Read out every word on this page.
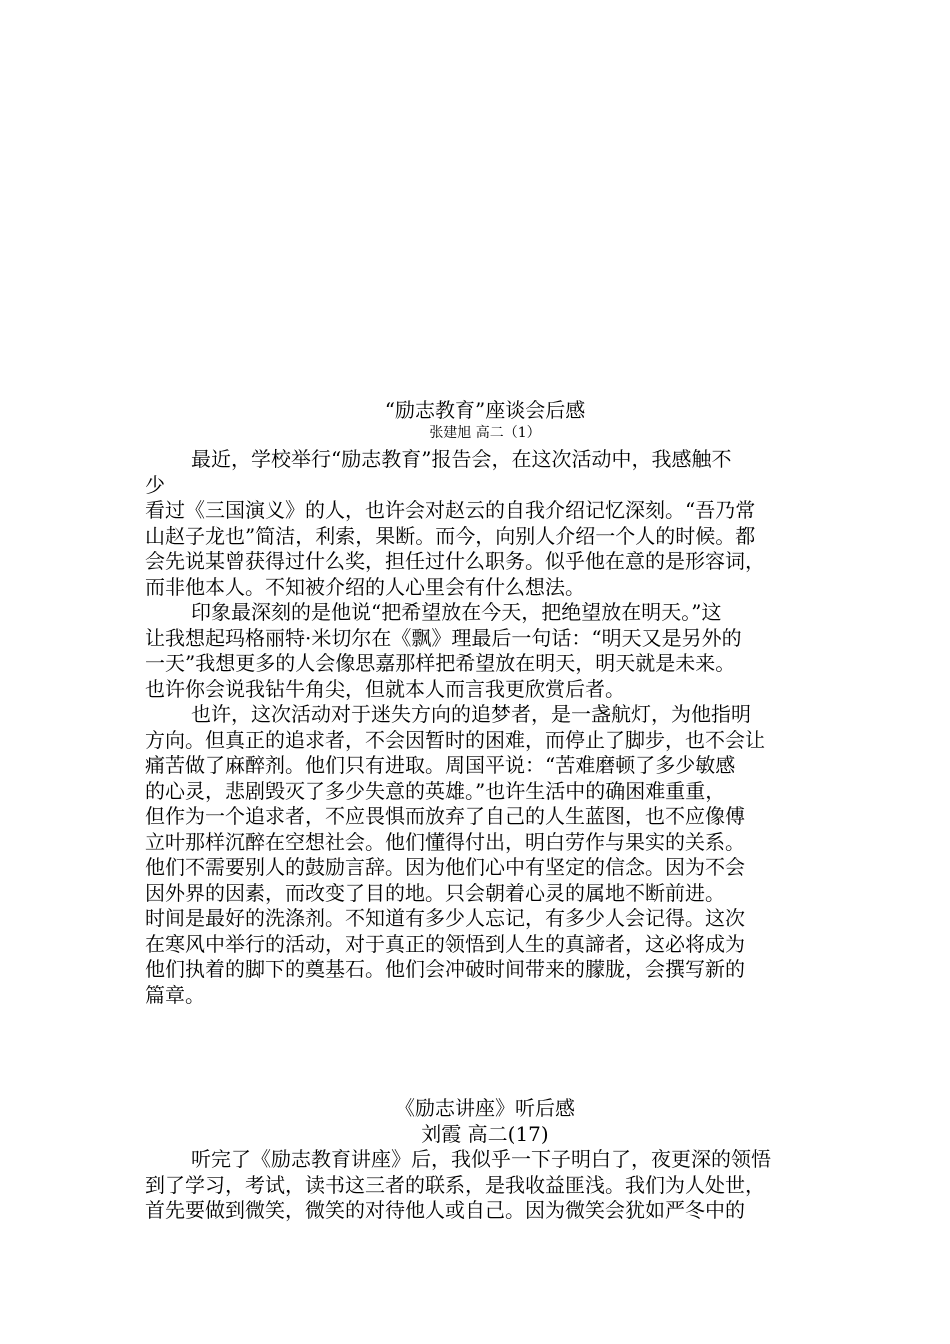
“励志教育”座谈会后感
张建旭 高二（1）

最近，学校举行“励志教育”报告会，在这次活动中，我感触不

少

看过《三国演义》的人，也许会对赵云的自我介绍记忆深刻。“吾乃常

山赵子龙也”简洁，利索，果断。而今，向别人介绍一个人的时候。都

会先说某曾获得过什么奖，担任过什么职务。似乎他在意的是形容词，

而非他本人。不知被介绍的人心里会有什么想法。

印象最深刻的是他说“把希望放在今天，把绝望放在明天。”这

让我想起玛格丽特·米切尔在《飘》理最后一句话：“明天又是另外的

一天”我想更多的人会像思嘉那样把希望放在明天，明天就是未来。

也许你会说我钻牛角尖，但就本人而言我更欣赏后者。

也许，这次活动对于迷失方向的追梦者，是一盏航灯，为他指明

方向。但真正的追求者，不会因暂时的困难，而停止了脚步，也不会让

痛苦做了麻醉剂。他们只有进取。周国平说：“苦难磨顿了多少敏感

的心灵，悲剧毁灭了多少失意的英雄。”也许生活中的确困难重重，

但作为一个追求者，不应畏惧而放弃了自己的人生蓝图，也不应像傅

立叶那样沉醉在空想社会。他们懂得付出，明白劳作与果实的关系。

他们不需要别人的鼓励言辞。因为他们心中有坚定的信念。因为不会

因外界的因素，而改变了目的地。只会朝着心灵的属地不断前进。

时间是最好的洗涤剂。不知道有多少人忘记，有多少人会记得。这次

在寒风中举行的活动，对于真正的领悟到人生的真諦者，这必将成为

他们执着的脚下的奠基石。他们会冲破时间带来的朦胧，会撰写新的

篇章。

《励志讲座》听后感
刘霞 高二(17)

听完了《励志教育讲座》后，我似乎一下子明白了，夜更深的领悟

到了学习，考试，读书这三者的联系，是我收益匪浅。我们为人处世，

首先要做到微笑，微笑的对待他人或自己。因为微笑会犹如严冬中的
